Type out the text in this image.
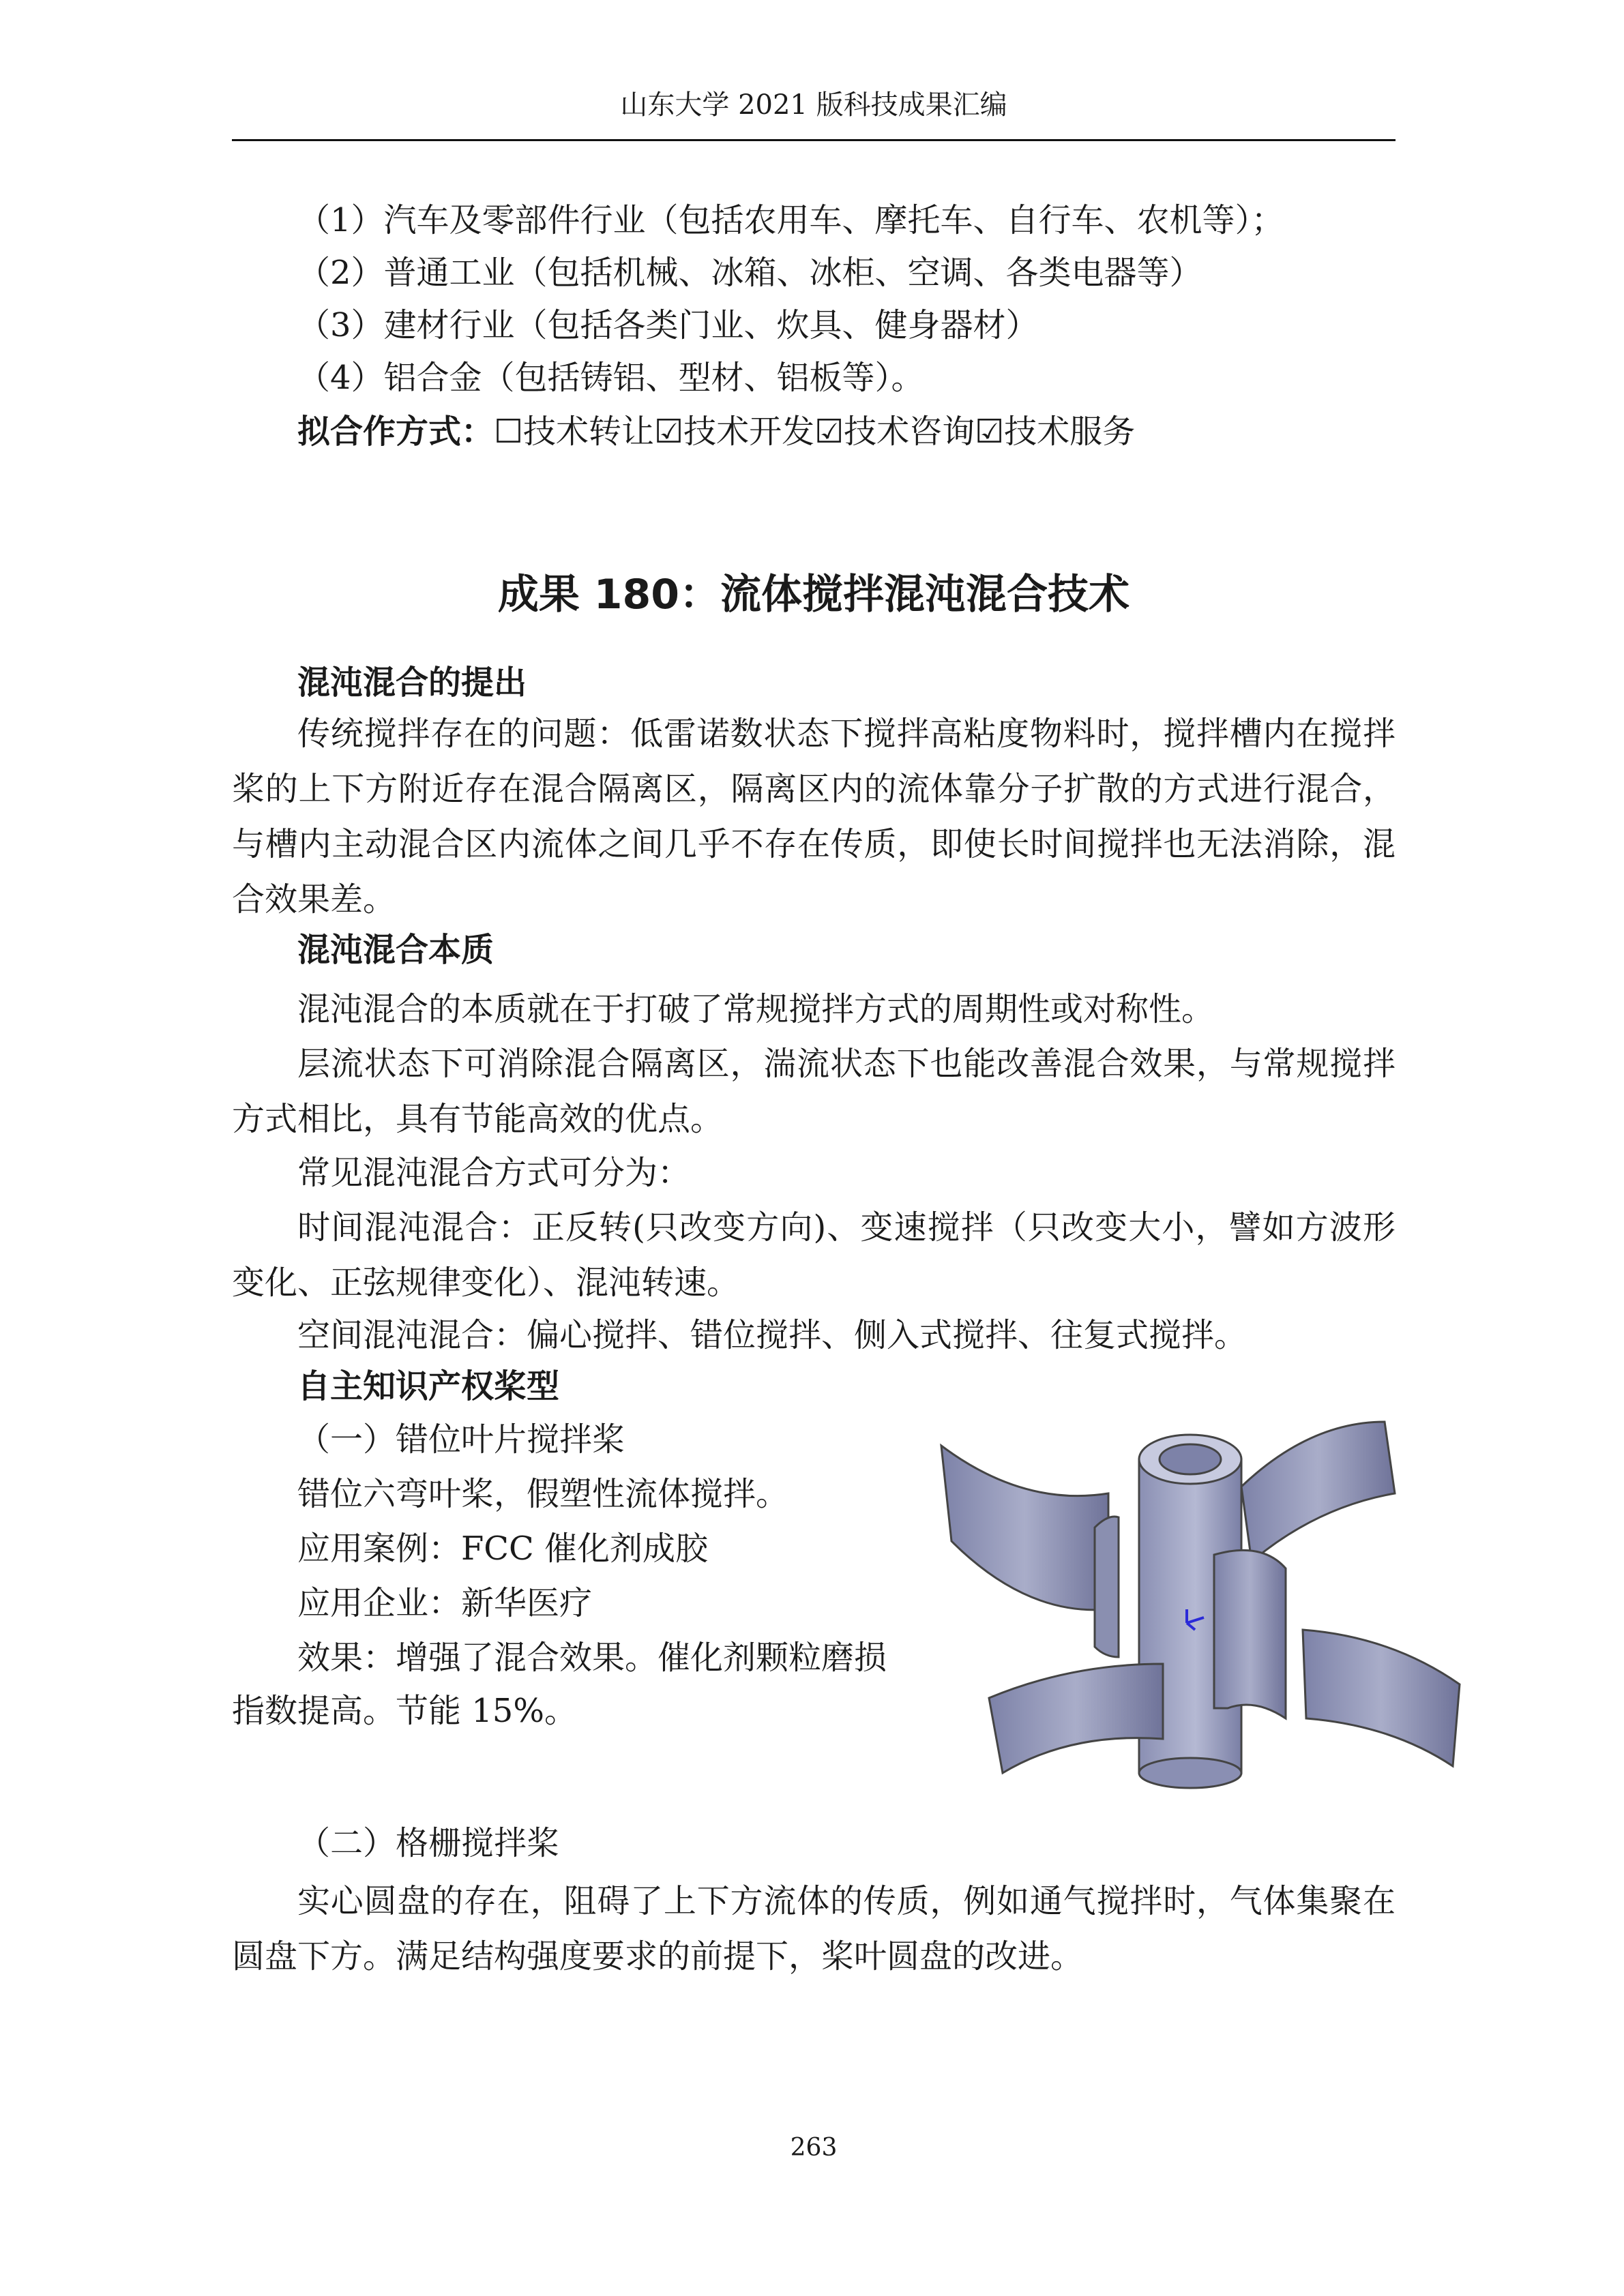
山东大学 2021 版科技成果汇编
（1）汽车及零部件行业（包括农用车、摩托车、自行车、农机等）；
（2）普通工业（包括机械、冰箱、冰柜、空调、各类电器等）
（3）建材行业（包括各类门业、炊具、健身器材）
（4）铝合金（包括铸铝、型材、铝板等）。
拟合作方式：☐技术转让☑技术开发☑技术咨询☑技术服务
成果 180：流体搅拌混沌混合技术
混沌混合的提出
传统搅拌存在的问题：低雷诺数状态下搅拌高粘度物料时，搅拌槽内在搅拌桨的上下方附近存在混合隔离区，隔离区内的流体靠分子扩散的方式进行混合，与槽内主动混合区内流体之间几乎不存在传质，即使长时间搅拌也无法消除，混合效果差。
混沌混合本质
混沌混合的本质就在于打破了常规搅拌方式的周期性或对称性。
层流状态下可消除混合隔离区，湍流状态下也能改善混合效果，与常规搅拌方式相比，具有节能高效的优点。
常见混沌混合方式可分为：
时间混沌混合：正反转(只改变方向)、变速搅拌（只改变大小，譬如方波形变化、正弦规律变化）、混沌转速。
空间混沌混合：偏心搅拌、错位搅拌、侧入式搅拌、往复式搅拌。
自主知识产权桨型
（一）错位叶片搅拌桨
错位六弯叶桨，假塑性流体搅拌。
应用案例：FCC 催化剂成胶
应用企业：新华医疗
效果：增强了混合效果。催化剂颗粒磨损
指数提高。节能 15%。
（二）格栅搅拌桨
实心圆盘的存在，阻碍了上下方流体的传质，例如通气搅拌时，气体集聚在圆盘下方。满足结构强度要求的前提下，桨叶圆盘的改进。
263
